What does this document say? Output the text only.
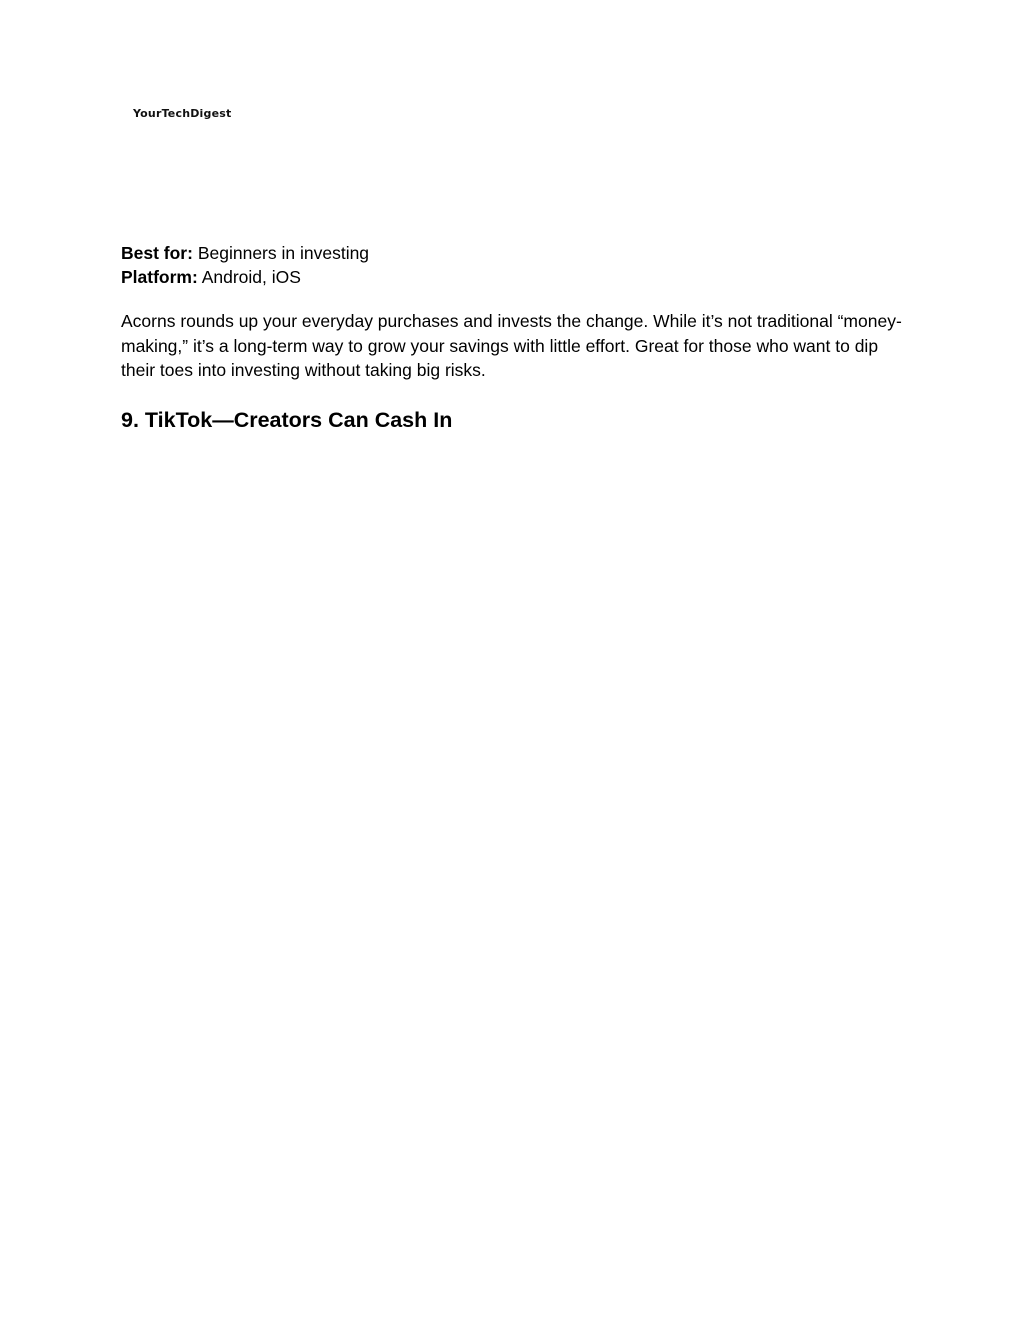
YourTechDigest

Best for: Beginners in investing

Platform: Android, iOS

Acorns rounds up your everyday purchases and invests the change. While it’s not traditional “money-making,” it’s a long-term way to grow your savings with little effort. Great for those who want to dip their toes into investing without taking big risks.

9. TikTok—Creators Can Cash In
